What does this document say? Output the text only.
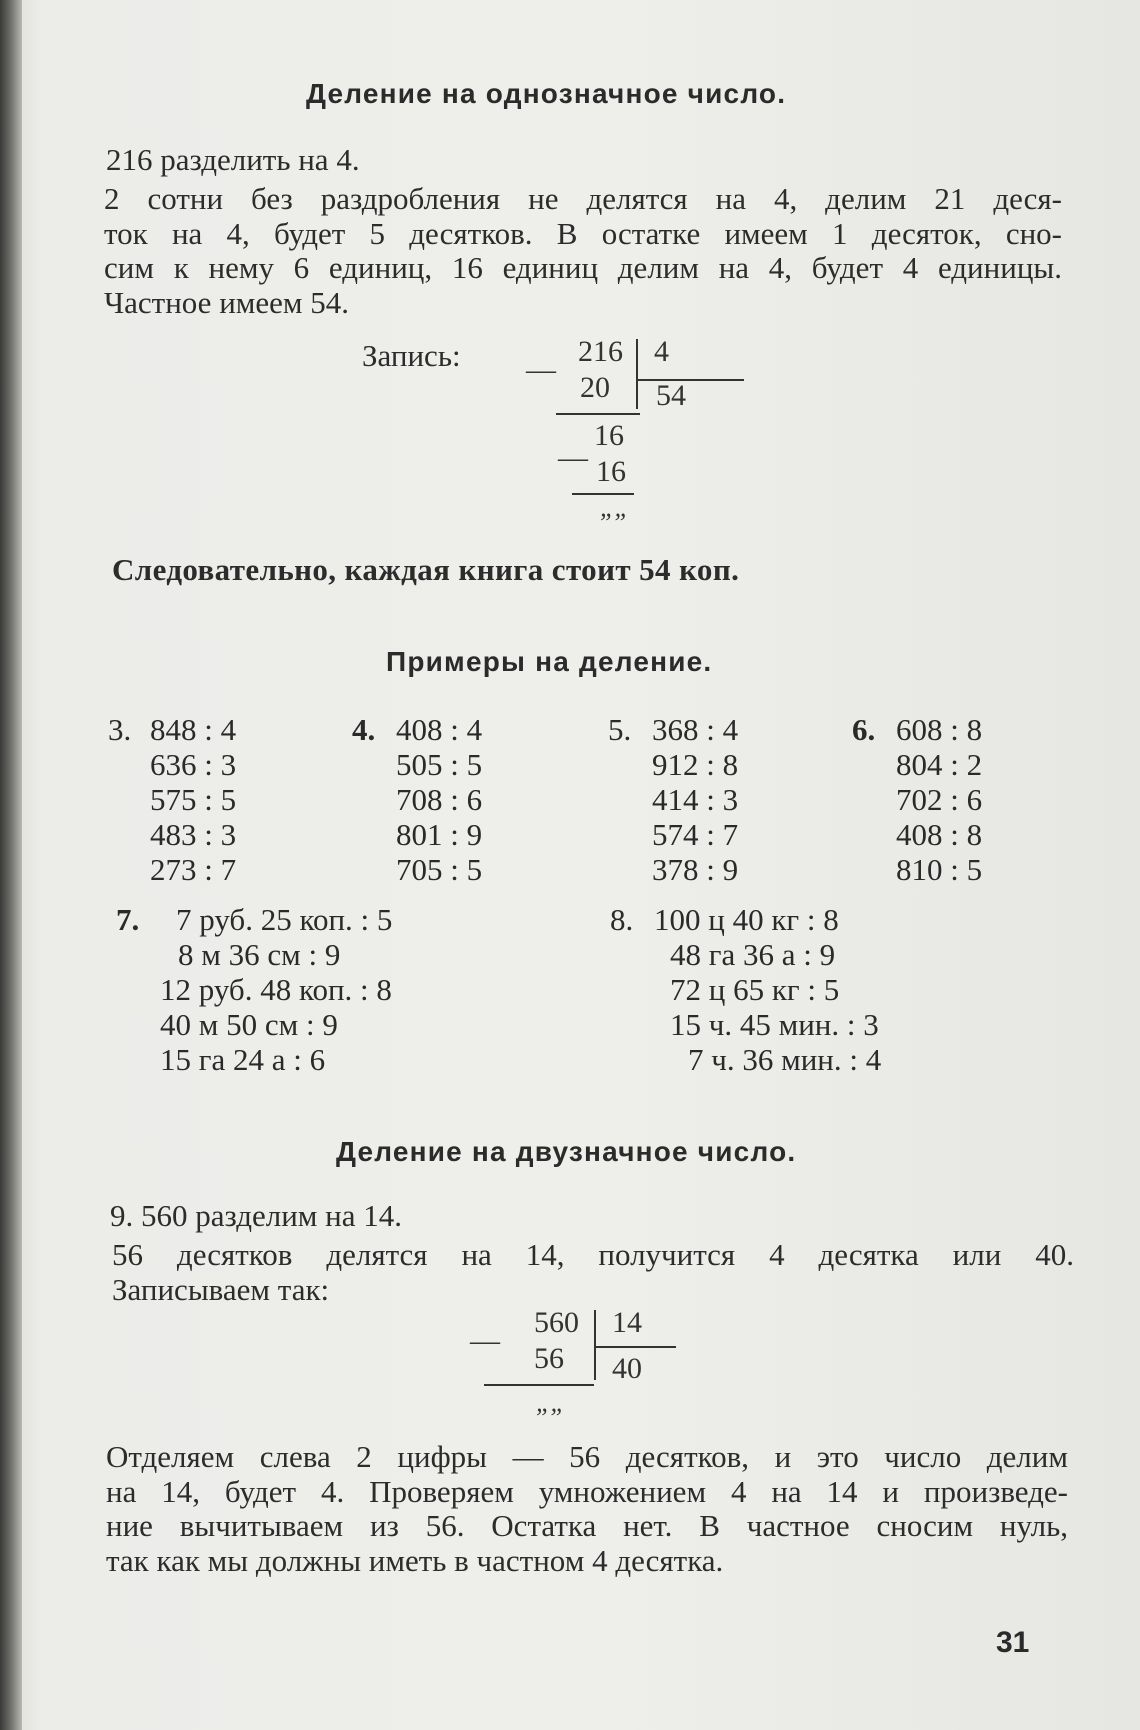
Деление на однозначное число.
216 разделить на 4.
2 сотни без раздробления не делятся на 4, делим 21 деся-
ток на 4, будет 5 десятков. В остатке имеем 1 десяток, сно-
сим к нему 6 единиц, 16 единиц делим на 4, будет 4 единицы.
Частное имеем 54.
Запись:	216 4
—
20 54
16
— 16
„„
Следовательно, каждая книга стоит 54 коп.
Примеры на деление.
3. 848 : 4
636 : 3
575 : 5
483 : 3
273 : 7
4. 408 : 4
505 : 5
708 : 6
801 : 9
705 : 5
5. 368 : 4
912 : 8
414 : 3
574 : 7
378 : 9
6. 608 : 8
804 : 2
702 : 6
408 : 8
810 : 5
7. 7 руб. 25 коп. : 5
8 м 36 см : 9
12 руб. 48 коп. : 8
40 м 50 см : 9
15 га 24 а : 6
8. 100 ц 40 кг : 8
48 га 36 а : 9
72 ц 65 кг : 5
15 ч. 45 мин. : 3
7 ч. 36 мин. : 4
Деление на двузначное число.
9. 560 разделим на 14.
56 десятков делятся на 14, получится 4 десятка или 40.
Записываем так:
560 14
—
56 40
„„
Отделяем слева 2 цифры — 56 десятков, и это число делим
на 14, будет 4. Проверяем умножением 4 на 14 и произведе-
ние вычитываем из 56. Остатка нет. В частное сносим нуль,
так как мы должны иметь в частном 4 десятка.
31
